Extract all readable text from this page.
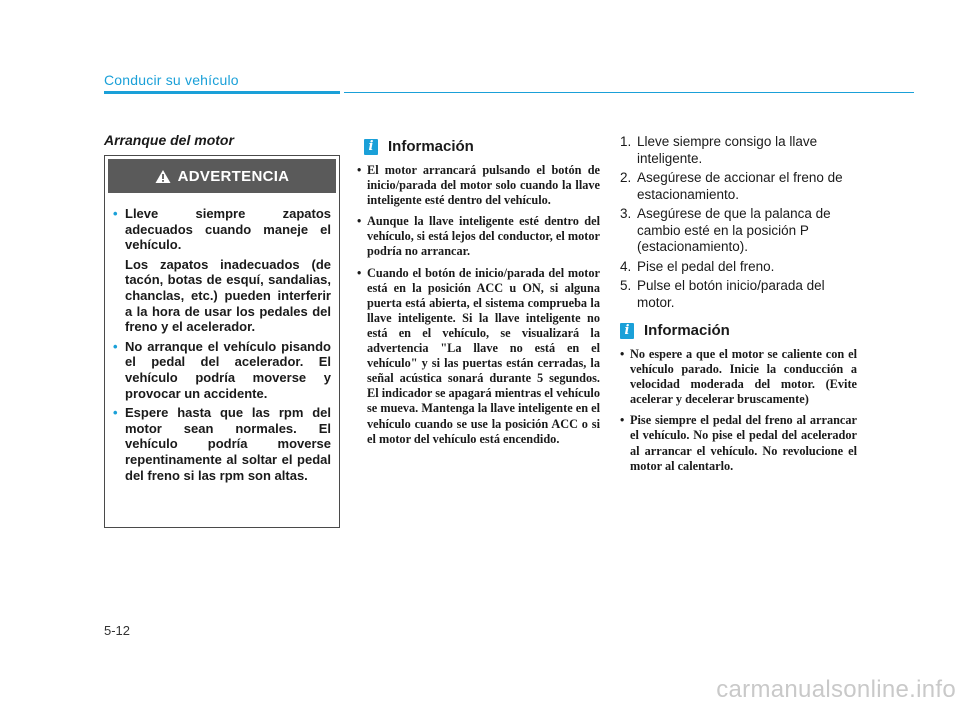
Conducir su vehículo
Arranque del motor
ADVERTENCIA
• Lleve siempre zapatos adecuados cuando maneje el vehículo.

Los zapatos inadecuados (de tacón, botas de esquí, sandalias, chanclas, etc.) pueden interferir a la hora de usar los pedales del freno y el acelerador.

• No arranque el vehículo pisando el pedal del acelerador. El vehículo podría moverse y provocar un accidente.

• Espere hasta que las rpm del motor sean normales. El vehículo podría moverse repentinamente al soltar el pedal del freno si las rpm son altas.

i Información
• El motor arrancará pulsando el botón de inicio/parada del motor solo cuando la llave inteligente esté dentro del vehículo.
• Aunque la llave inteligente esté dentro del vehículo, si está lejos del conductor, el motor podría no arrancar.
• Cuando el botón de inicio/parada del motor está en la posición ACC u ON, si alguna puerta está abierta, el sistema comprueba la llave inteligente. Si la llave inteligente no está en el vehículo, se visualizará la advertencia "La llave no está en el vehículo" y si las puertas están cerradas, la señal acústica sonará durante 5 segundos. El indicador se apagará mientras el vehículo se mueva. Mantenga la llave inteligente en el vehículo cuando se use la posición ACC o si el motor del vehículo está encendido.
1. Lleve siempre consigo la llave inteligente.
2. Asegúrese de accionar el freno de estacionamiento.
3. Asegúrese de que la palanca de cambio esté en la posición P (estacionamiento).
4. Pise el pedal del freno.
5. Pulse el botón inicio/parada del motor.
i Información
• No espere a que el motor se caliente con el vehículo parado. Inicie la conducción a velocidad moderada del motor. (Evite acelerar y decelerar bruscamente)
• Pise siempre el pedal del freno al arrancar el vehículo. No pise el pedal del acelerador al arrancar el vehículo. No revolucione el motor al calentarlo.
5-12
carmanualsonline.info
